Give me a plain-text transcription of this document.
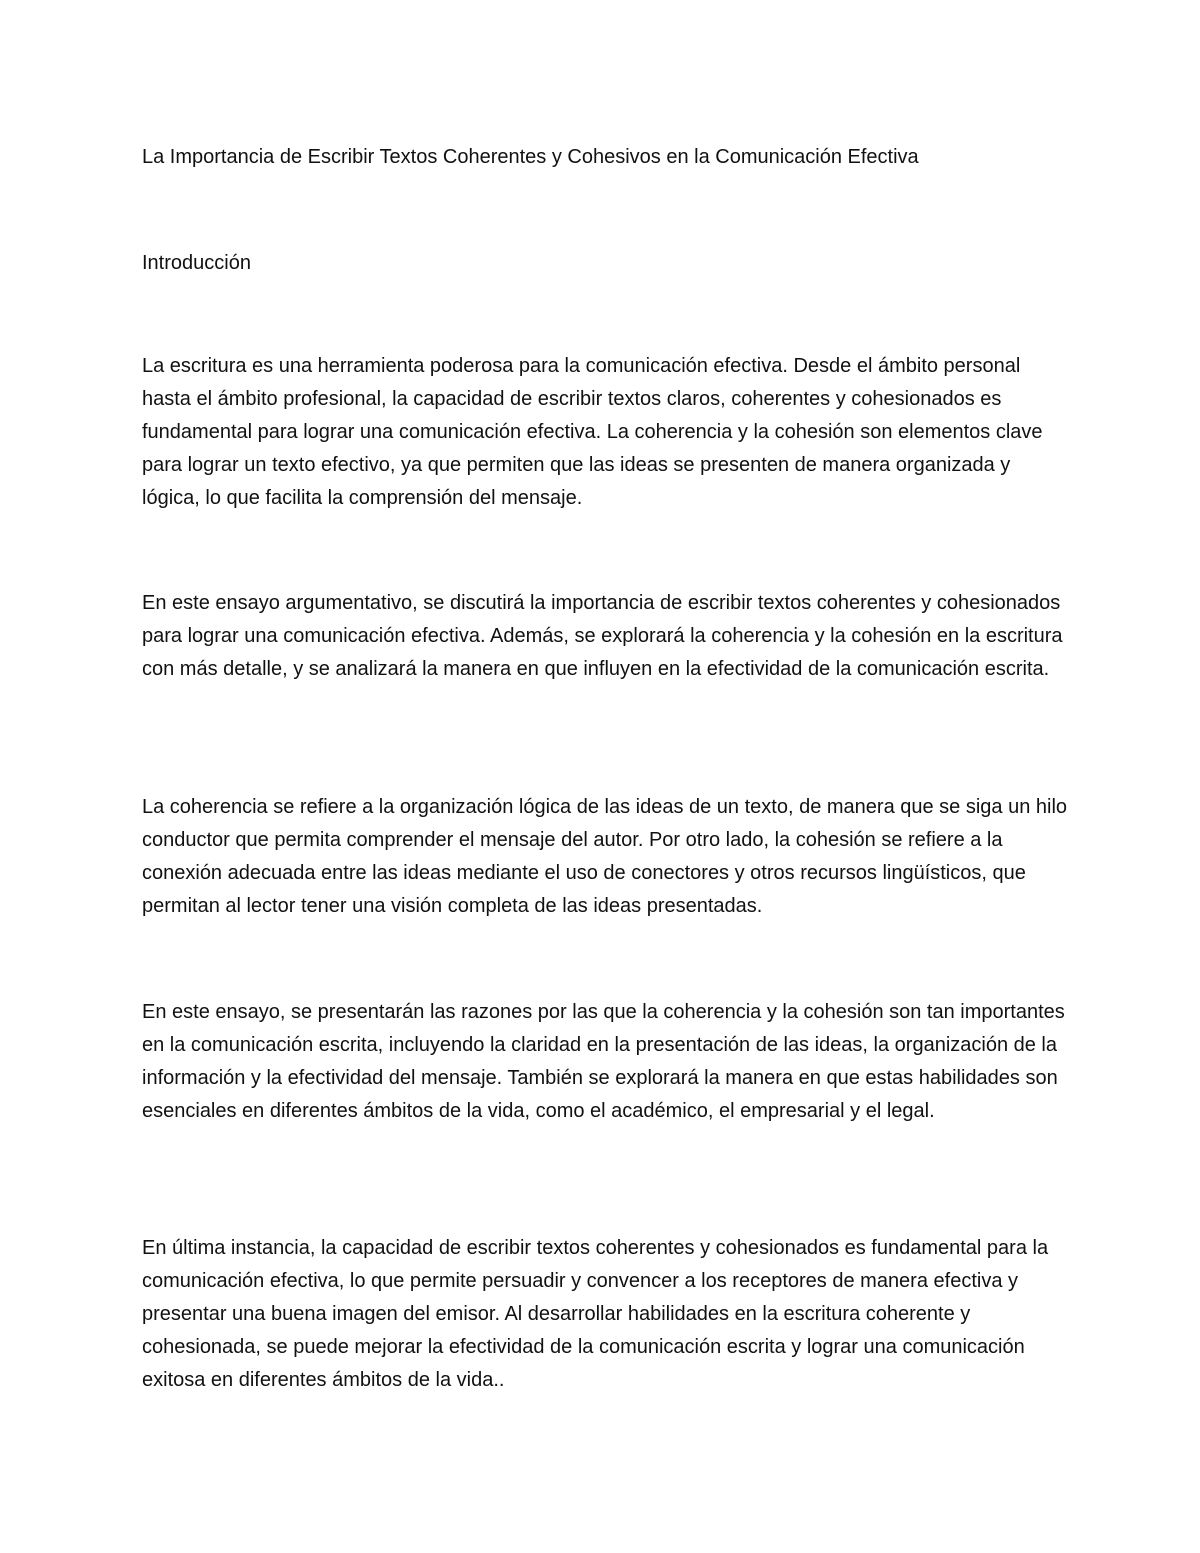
La Importancia de Escribir Textos Coherentes y Cohesivos en la Comunicación Efectiva

Introducción

La escritura es una herramienta poderosa para la comunicación efectiva. Desde el ámbito personal hasta el ámbito profesional, la capacidad de escribir textos claros, coherentes y cohesionados es fundamental para lograr una comunicación efectiva. La coherencia y la cohesión son elementos clave para lograr un texto efectivo, ya que permiten que las ideas se presenten de manera organizada y lógica, lo que facilita la comprensión del mensaje.

En este ensayo argumentativo, se discutirá la importancia de escribir textos coherentes y cohesionados para lograr una comunicación efectiva. Además, se explorará la coherencia y la cohesión en la escritura con más detalle, y se analizará la manera en que influyen en la efectividad de la comunicación escrita.

La coherencia se refiere a la organización lógica de las ideas de un texto, de manera que se siga un hilo conductor que permita comprender el mensaje del autor. Por otro lado, la cohesión se refiere a la conexión adecuada entre las ideas mediante el uso de conectores y otros recursos lingüísticos, que permitan al lector tener una visión completa de las ideas presentadas.

En este ensayo, se presentarán las razones por las que la coherencia y la cohesión son tan importantes en la comunicación escrita, incluyendo la claridad en la presentación de las ideas, la organización de la información y la efectividad del mensaje. También se explorará la manera en que estas habilidades son esenciales en diferentes ámbitos de la vida, como el académico, el empresarial y el legal.

En última instancia, la capacidad de escribir textos coherentes y cohesionados es fundamental para la comunicación efectiva, lo que permite persuadir y convencer a los receptores de manera efectiva y presentar una buena imagen del emisor. Al desarrollar habilidades en la escritura coherente y cohesionada, se puede mejorar la efectividad de la comunicación escrita y lograr una comunicación exitosa en diferentes ámbitos de la vida..
